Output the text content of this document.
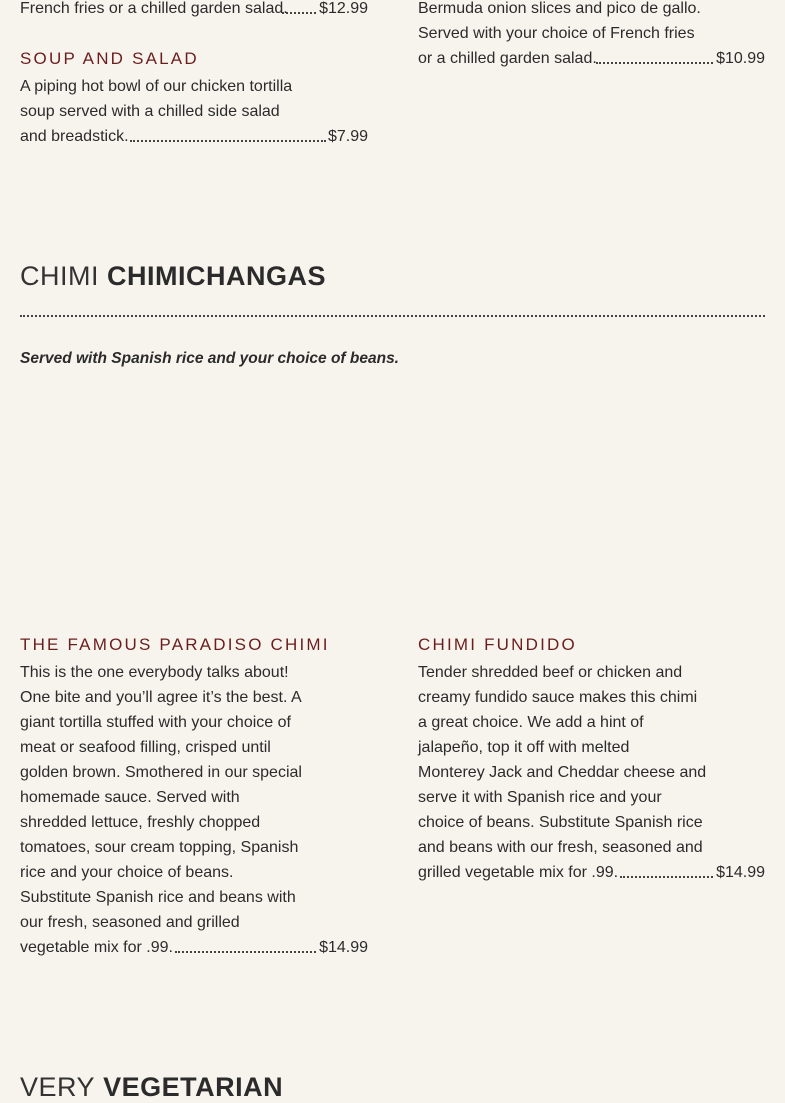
French fries or a chilled garden salad. $12.99	Bermuda onion slices and pico de gallo.
Served with your choice of French fries
or a chilled garden salad.	$10.99
SOUP AND SALAD
A piping hot bowl of our chicken tortilla
soup served with a chilled side salad
and breadstick.	$7.99
CHIMI CHIMICHANGAS
Served with Spanish rice and your choice of beans.
THE FAMOUS PARADISO CHIMI
This is the one everybody talks about!
One bite and you’ll agree it’s the best. A
giant tortilla stuffed with your choice of
meat or seafood filling, crisped until
golden brown. Smothered in our special
homemade sauce. Served with
shredded lettuce, freshly chopped
tomatoes, sour cream topping, Spanish
rice and your choice of beans.
Substitute Spanish rice and beans with
our fresh, seasoned and grilled
vegetable mix for .99.	$14.99
CHIMI FUNDIDO
Tender shredded beef or chicken and
creamy fundido sauce makes this chimi
a great choice. We add a hint of
jalapeño, top it off with melted
Monterey Jack and Cheddar cheese and
serve it with Spanish rice and your
choice of beans. Substitute Spanish rice
and beans with our fresh, seasoned and
grilled vegetable mix for .99.	$14.99
VERY VEGETARIAN
